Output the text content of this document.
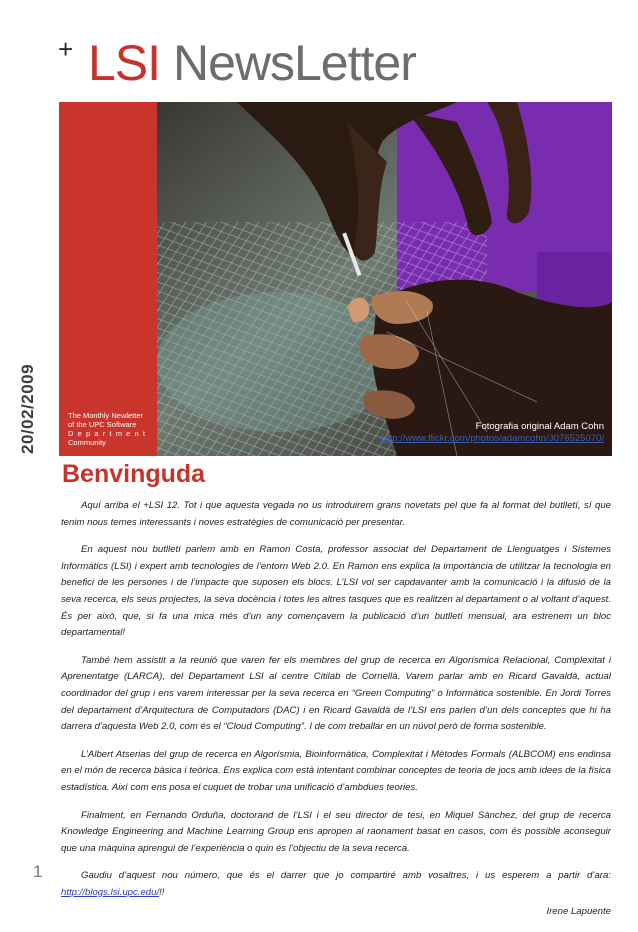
+ LSI NewsLetter
20/02/2009	The Monthly Newletter
of the UPC Software
Department
Community
Fotografia original Adam Cohn
http://www.flickr.com/photos/adamcohn/3076525070/
Benvinguda

Aquí arriba el +LSI 12. Tot i que aquesta vegada no us introduirem grans novetats pel que fa al format del butlletí, sí que tenim nous temes interessants i noves estratègies de comunicació per presentar.

En aquest nou butlletí parlem amb en Ramon Costa, professor associat del Departament de Llenguatges i Sistemes Informàtics (LSI) i expert amb tecnologies de l’entorn Web 2.0. En Ramon ens explica la importància de utilitzar la tecnologia en benefici de les persones i de l’impacte que suposen els blocs. L’LSI vol ser capdavanter amb la comunicació i la difusió de la seva recerca, els seus projectes, la seva docència i totes les altres tasques que es realitzen al departament o al voltant d’aquest. És per això, que, si fa una mica més d’un any començavem la publicació d’un butlletí mensual, ara estrenem un bloc departamental!

També hem assistit a la reunió que varen fer els membres del grup de recerca en Algorísmica Relacional, Complexitat i Aprenentatge (LARCA), del Departament LSI al centre Citilab de Cornellà. Varem parlar amb en Ricard Gavaldà, actual coordinador del grup i ens varem interessar per la seva recerca en “Green Computing” o Informàtica sostenible. En Jordi Torres del departament d’Arquitectura de Computadors (DAC) i en Ricard Gavaldà de l’LSI ens parlen d’un dels conceptes que hi ha darrera d’aquesta Web 2.0, com és el “Cloud Computing”. I de com treballar en un núvol però de forma sostenible.

L’Albert Atserias del grup de recerca en Algorísmia, Bioinformàtica, Complexitat i Mètodes Formals (ALBCOM) ens endinsa en el món de recerca bàsica i teòrica. Ens explica com està intentant combinar conceptes de teoria de jocs amb idees de la física estadística. Així com ens posa el cuquet de trobar una unificació d’ambdues teories.

Finalment, en Fernando Orduña, doctorand de l’LSI i el seu director de tesi, en Miquel Sànchez, del grup de recerca Knowledge Engineering and Machine Learning Group ens apropen al raonament basat en casos, com és possible aconseguir que una màquina aprengui de l’experiència o quin és l’objectiu de la seva recerca.

Gaudiu d’aquest nou número, que és el darrer que jo compartiré amb vosaltres, i us esperem a partir d’ara: http://blogs.lsi.upc.edu/!!

Irene Lapuente

1
